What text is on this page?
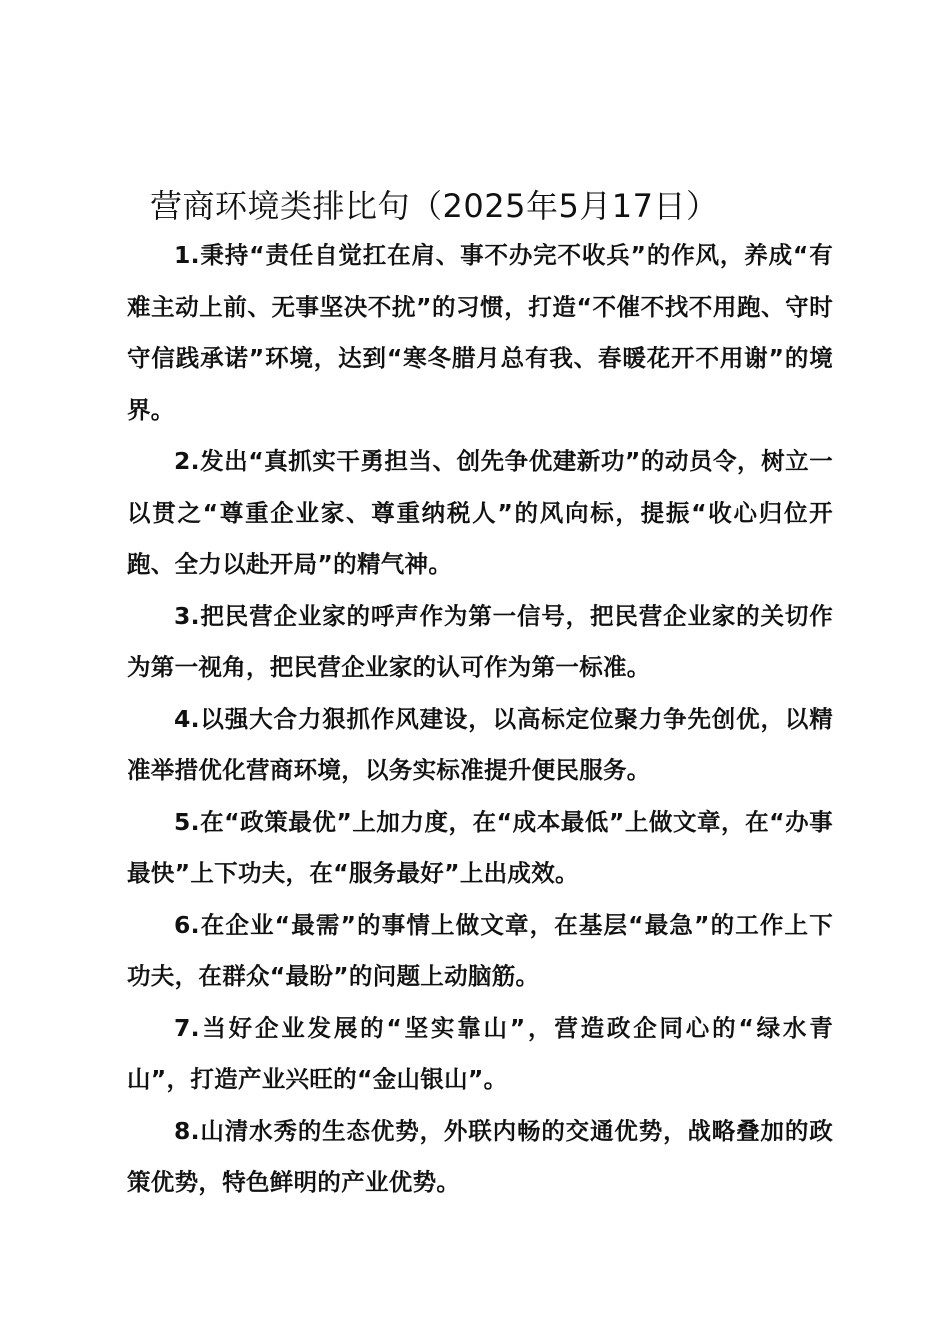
营商环境类排比句（2025年5月17日）

1.秉持“责任自觉扛在肩、事不办完不收兵”的作风，养成“有难主动上前、无事坚决不扰”的习惯，打造“不催不找不用跑、守时守信践承诺”环境，达到“寒冬腊月总有我、春暖花开不用谢”的境界。

2.发出“真抓实干勇担当、创先争优建新功”的动员令，树立一以贯之“尊重企业家、尊重纳税人”的风向标，提振“收心归位开跑、全力以赴开局”的精气神。

3.把民营企业家的呼声作为第一信号，把民营企业家的关切作为第一视角，把民营企业家的认可作为第一标准。

4.以强大合力狠抓作风建设，以高标定位聚力争先创优，以精准举措优化营商环境，以务实标准提升便民服务。

5.在“政策最优”上加力度，在“成本最低”上做文章，在“办事最快”上下功夫，在“服务最好”上出成效。

6.在企业“最需”的事情上做文章，在基层“最急”的工作上下功夫，在群众“最盼”的问题上动脑筋。

7.当好企业发展的“坚实靠山”，营造政企同心的“绿水青山”，打造产业兴旺的“金山银山”。

8.山清水秀的生态优势，外联内畅的交通优势，战略叠加的政策优势，特色鲜明的产业优势。
